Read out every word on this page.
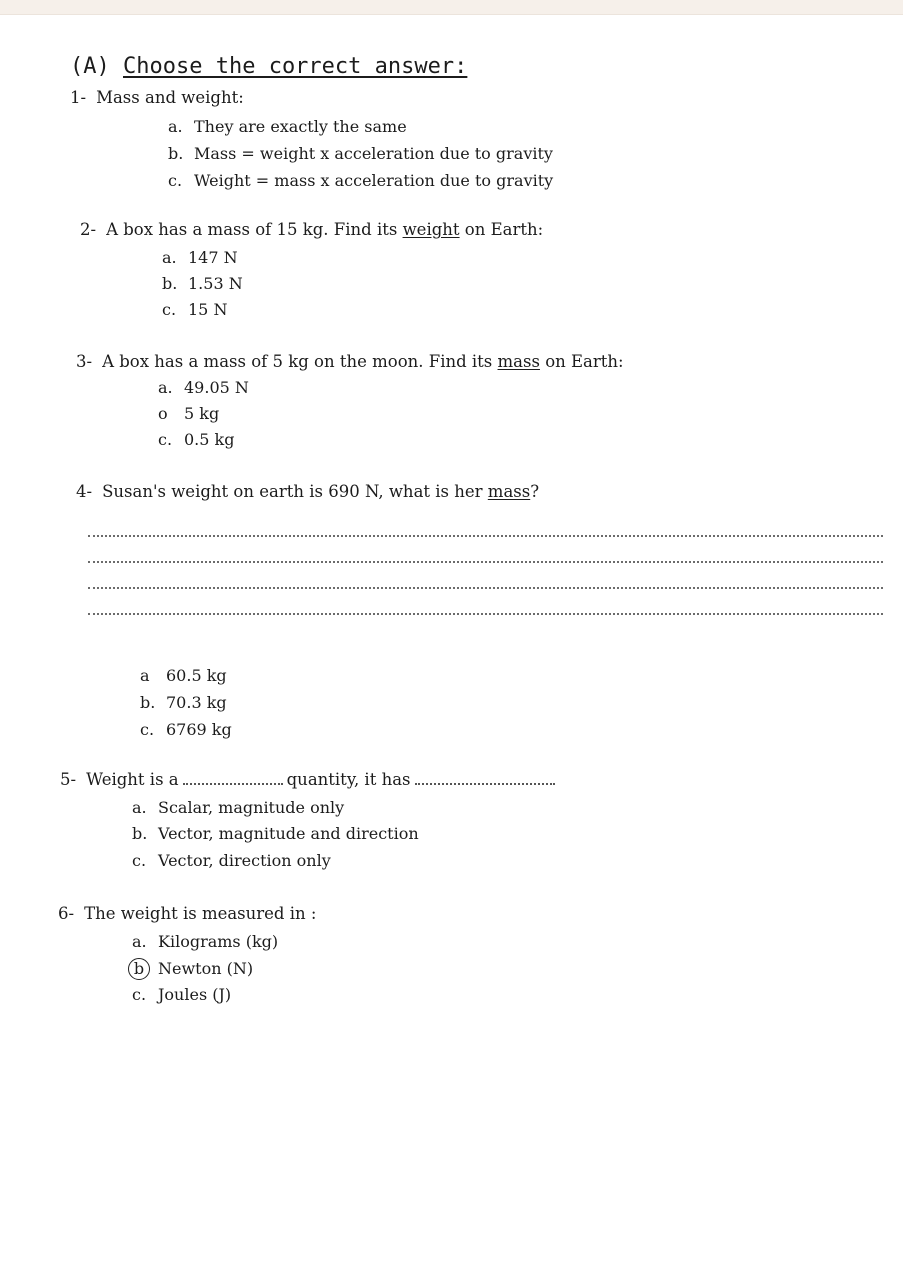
(A) Choose the correct answer:
1- Mass and weight:
a. They are exactly the same
b. Mass = weight x acceleration due to gravity
c. Weight = mass x acceleration due to gravity
2- A box has a mass of 15 kg. Find its weight on Earth:
a. 147 N
b. 1.53 N
c. 15 N
3- A box has a mass of 5 kg on the moon. Find its mass on Earth:
a. 49.05 N
o 5 kg
c. 0.5 kg
4- Susan's weight on earth is 690 N, what is her mass?
a 60.5 kg
b. 70.3 kg
c. 6769 kg
5- Weight is a	quantity, it has
a. Scalar, magnitude only
b. Vector, magnitude and direction
c. Vector, direction only
6- The weight is measured in :
a. Kilograms (kg)
b Newton (N)
c. Joules (J)
